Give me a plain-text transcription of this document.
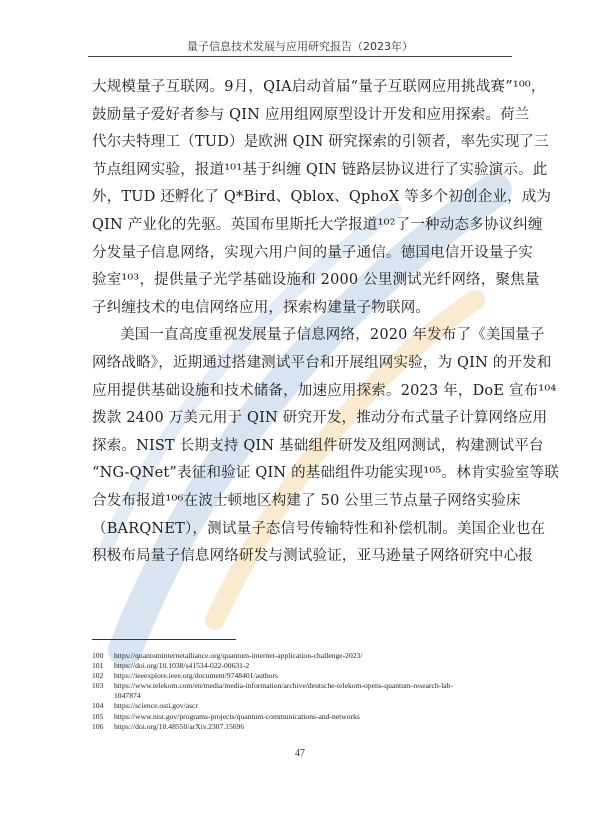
量子信息技术发展与应用研究报告（2023年）
大规模量子互联网。9月，QIA启动首届“量子互联网应用挑战赛”¹⁰⁰，
鼓励量子爱好者参与 QIN 应用组网原型设计开发和应用探索。荷兰
代尔夫特理工（TUD）是欧洲 QIN 研究探索的引领者，率先实现了三
节点组网实验，报道¹⁰¹基于纠缠 QIN 链路层协议进行了实验演示。此
外，TUD 还孵化了 Q*Bird、Qblox、QphoX 等多个初创企业，成为
QIN 产业化的先驱。英国布里斯托大学报道¹⁰²了一种动态多协议纠缠
分发量子信息网络，实现六用户间的量子通信。德国电信开设量子实
验室¹⁰³，提供量子光学基础设施和 2000 公里测试光纤网络，聚焦量
子纠缠技术的电信网络应用，探索构建量子物联网。
美国一直高度重视发展量子信息网络，2020 年发布了《美国量子
网络战略》，近期通过搭建测试平台和开展组网实验，为 QIN 的开发和
应用提供基础设施和技术储备，加速应用探索。2023 年，DoE 宣布¹⁰⁴
拨款 2400 万美元用于 QIN 研究开发，推动分布式量子计算网络应用
探索。NIST 长期支持 QIN 基础组件研发及组网测试，构建测试平台
“NG-QNet”表征和验证 QIN 的基础组件功能实现¹⁰⁵。林肯实验室等联
合发布报道¹⁰⁶在波士顿地区构建了 50 公里三节点量子网络实验床
（BARQNET），测试量子态信号传输特性和补偿机制。美国企业也在
积极布局量子信息网络研发与测试验证，亚马逊量子网络研究中心报
100 https://quantuminternetalliance.org/quantum-internet-application-challenge-2023/
101 https://doi.org/10.1038/s41534-022-00631-2
102 https://ieeexplore.ieee.org/document/9748401/authors
103 https://www.telekom.com/en/media/media-information/archive/deutsche-telekom-opens-quantum-research-lab-
1047874
104 https://science.osti.gov/ascr
105 https://www.nist.gov/programs-projects/quantum-communications-and-networks
106 https://doi.org/10.48550/arXiv.2307.15696
47
